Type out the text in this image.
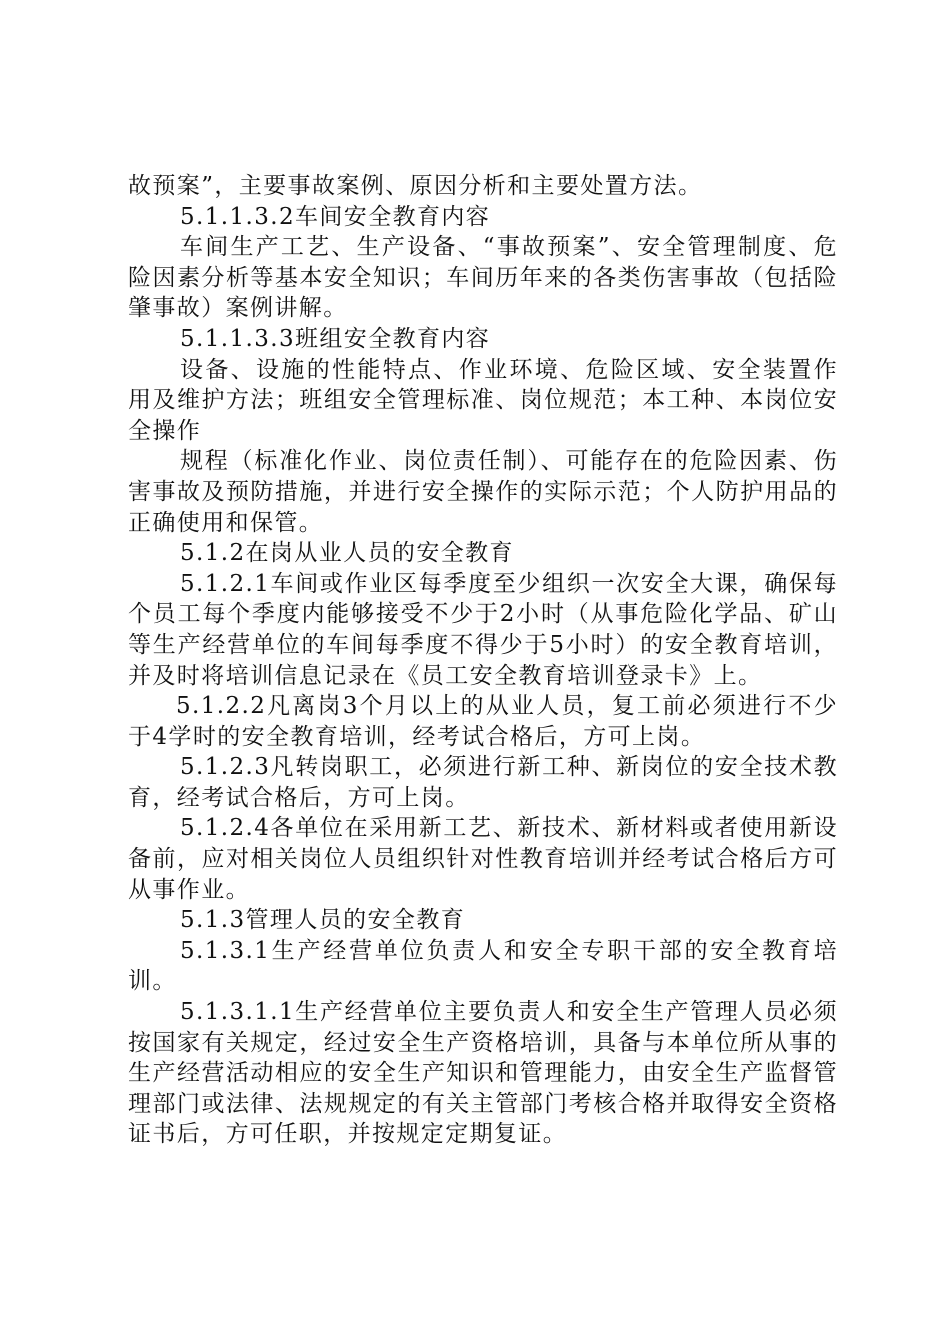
故预案”，主要事故案例、原因分析和主要处置方法。

5.1.1.3.2车间安全教育内容

车间生产工艺、生产设备、“事故预案”、安全管理制度、危险因素分析等基本安全知识；车间历年来的各类伤害事故（包括险肇事故）案例讲解。

5.1.1.3.3班组安全教育内容

设备、设施的性能特点、作业环境、危险区域、安全装置作用及维护方法；班组安全管理标准、岗位规范；本工种、本岗位安全操作

规程（标准化作业、岗位责任制）、可能存在的危险因素、伤害事故及预防措施，并进行安全操作的实际示范；个人防护用品的正确使用和保管。

5.1.2在岗从业人员的安全教育

5.1.2.1车间或作业区每季度至少组织一次安全大课，确保每个员工每个季度内能够接受不少于2小时（从事危险化学品、矿山等生产经营单位的车间每季度不得少于5小时）的安全教育培训，并及时将培训信息记录在《员工安全教育培训登录卡》上。

5.1.2.2凡离岗3个月以上的从业人员，复工前必须进行不少于4学时的安全教育培训，经考试合格后，方可上岗。

5.1.2.3凡转岗职工，必须进行新工种、新岗位的安全技术教育，经考试合格后，方可上岗。

5.1.2.4各单位在采用新工艺、新技术、新材料或者使用新设备前，应对相关岗位人员组织针对性教育培训并经考试合格后方可从事作业。

5.1.3管理人员的安全教育

5.1.3.1生产经营单位负责人和安全专职干部的安全教育培训。

5.1.3.1.1生产经营单位主要负责人和安全生产管理人员必须按国家有关规定，经过安全生产资格培训，具备与本单位所从事的生产经营活动相应的安全生产知识和管理能力，由安全生产监督管理部门或法律、法规规定的有关主管部门考核合格并取得安全资格证书后，方可任职，并按规定定期复证。
